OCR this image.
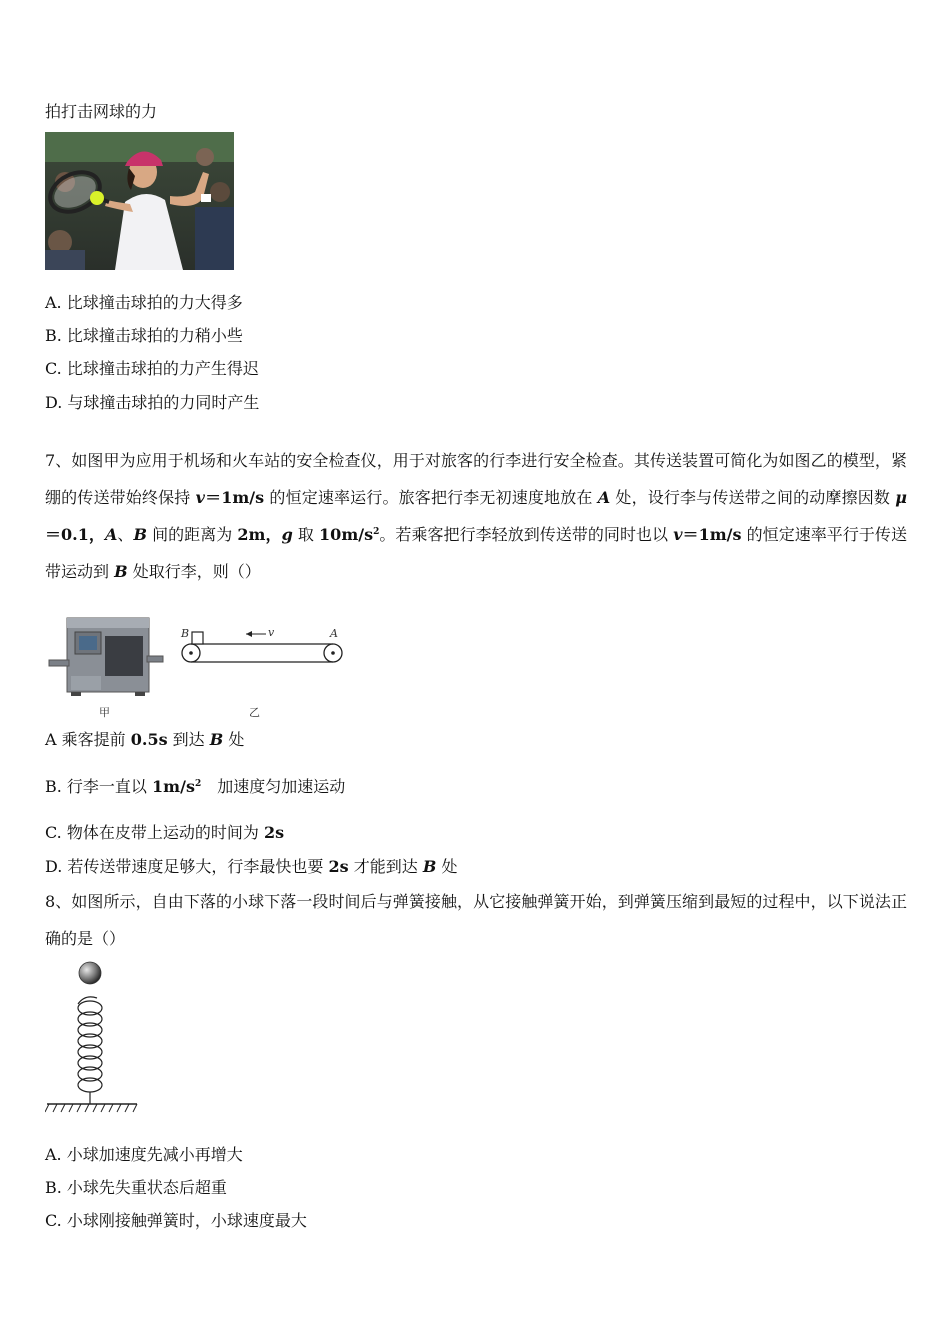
拍打击网球的力
A. 比球撞击球拍的力大得多
B. 比球撞击球拍的力稍小些
C. 比球撞击球拍的力产生得迟
D. 与球撞击球拍的力同时产生
7、如图甲为应用于机场和火车站的安全检查仪，用于对旅客的行李进行安全检查。其传送装置可简化为如图乙的模型，紧绷的传送带始终保持 v＝1m/s 的恒定速率运行。旅客把行李无初速度地放在 A 处，设行李与传送带之间的动摩擦因数 μ＝0.1，A、B 间的距离为 2m，g 取 $10m/s^2$。若乘客把行李轻放到传送带的同时也以 v＝1m/s 的恒定速率平行于传送带运动到 B 处取行李，则（）
甲
B	A
v
乙
A 乘客提前 0.5s 到达 B 处
B. 行李一直以 $1m/s^2$　加速度匀加速运动
C. 物体在皮带上运动的时间为 2s
D. 若传送带速度足够大，行李最快也要 2s 才能到达 B 处
8、如图所示，自由下落的小球下落一段时间后与弹簧接触，从它接触弹簧开始，到弹簧压缩到最短的过程中，以下说法正确的是（）
A. 小球加速度先减小再增大
B. 小球先失重状态后超重
C. 小球刚接触弹簧时，小球速度最大
